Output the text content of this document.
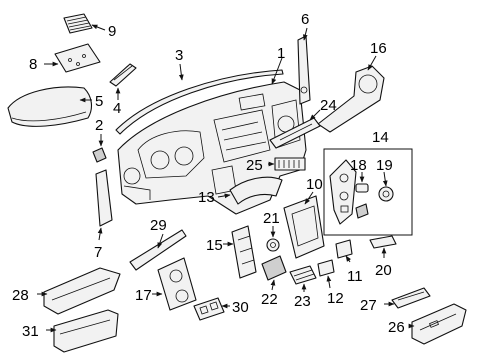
9
8
5 4
3	1
2
7
6
16
24
25
14
18 19
13
10
21
15
22 23 12
11 20
29
28	17
30
31
27
26
